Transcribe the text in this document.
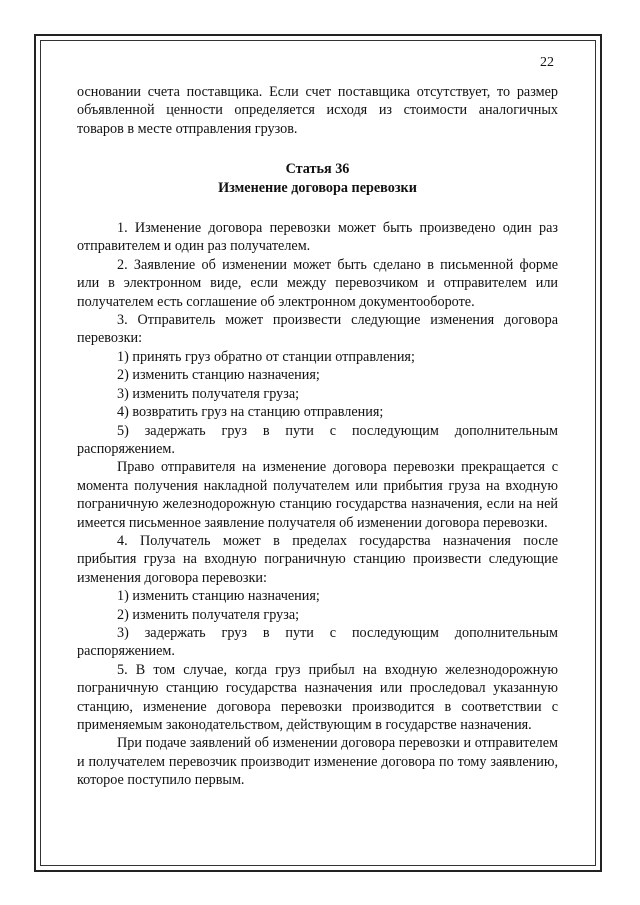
22

основании счета поставщика. Если счет поставщика отсутствует, то размер объявленной ценности определяется исходя из стоимости аналогичных товаров в месте отправления грузов.

Статья 36

Изменение договора перевозки

1. Изменение договора перевозки может быть произведено один раз отправителем и один раз получателем.

2. Заявление об изменении может быть сделано в письменной форме или в электронном виде, если между перевозчиком и отправителем или получателем есть соглашение об электронном документообороте.

3. Отправитель может произвести следующие изменения договора перевозки:

1) принять груз обратно от станции отправления;

2) изменить станцию назначения;

3) изменить получателя груза;

4) возвратить груз на станцию отправления;

5) задержать груз в пути с последующим дополнительным распоряжением.

Право отправителя на изменение договора перевозки прекращается с момента получения накладной получателем или прибытия груза на входную пограничную железнодорожную станцию государства назначения, если на ней имеется письменное заявление получателя об изменении договора перевозки.

4. Получатель может в пределах государства назначения после прибытия груза на входную пограничную станцию произвести следующие изменения договора перевозки:

1) изменить станцию назначения;

2) изменить получателя груза;

3) задержать груз в пути с последующим дополнительным распоряжением.

5. В том случае, когда груз прибыл на входную железнодорожную пограничную станцию государства назначения или проследовал указанную станцию, изменение договора перевозки производится в соответствии с применяемым законодательством, действующим в государстве назначения.

При подаче заявлений об изменении договора перевозки и отправителем и получателем перевозчик производит изменение договора по тому заявлению, которое поступило первым.
